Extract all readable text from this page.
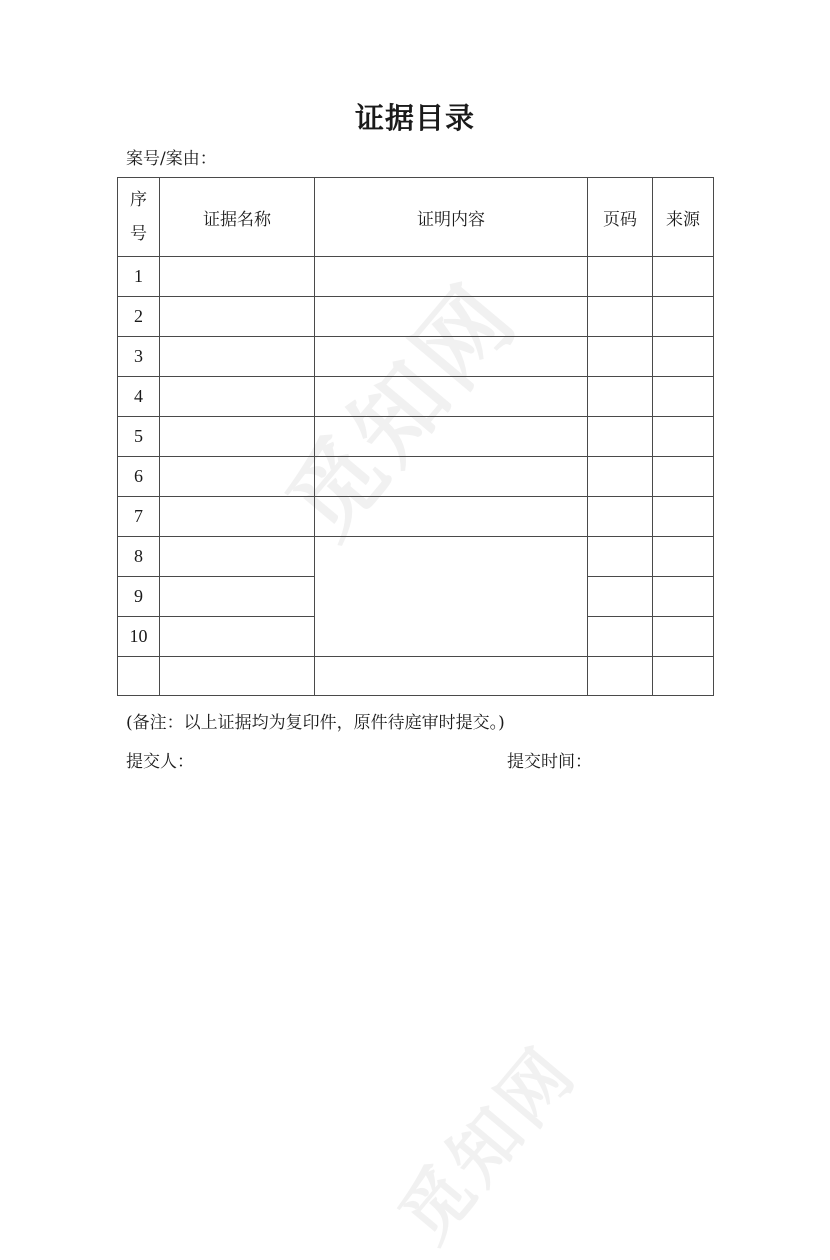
觅知网
觅知网
证据目录
案号/案由：
序
号	证据名称	证明内容	页码	来源
1				
2				
3				
4				
5				
6				
7				
8				
9				
10				

(备注：以上证据均为复印件，原件待庭审时提交。)
提交人：	提交时间：
